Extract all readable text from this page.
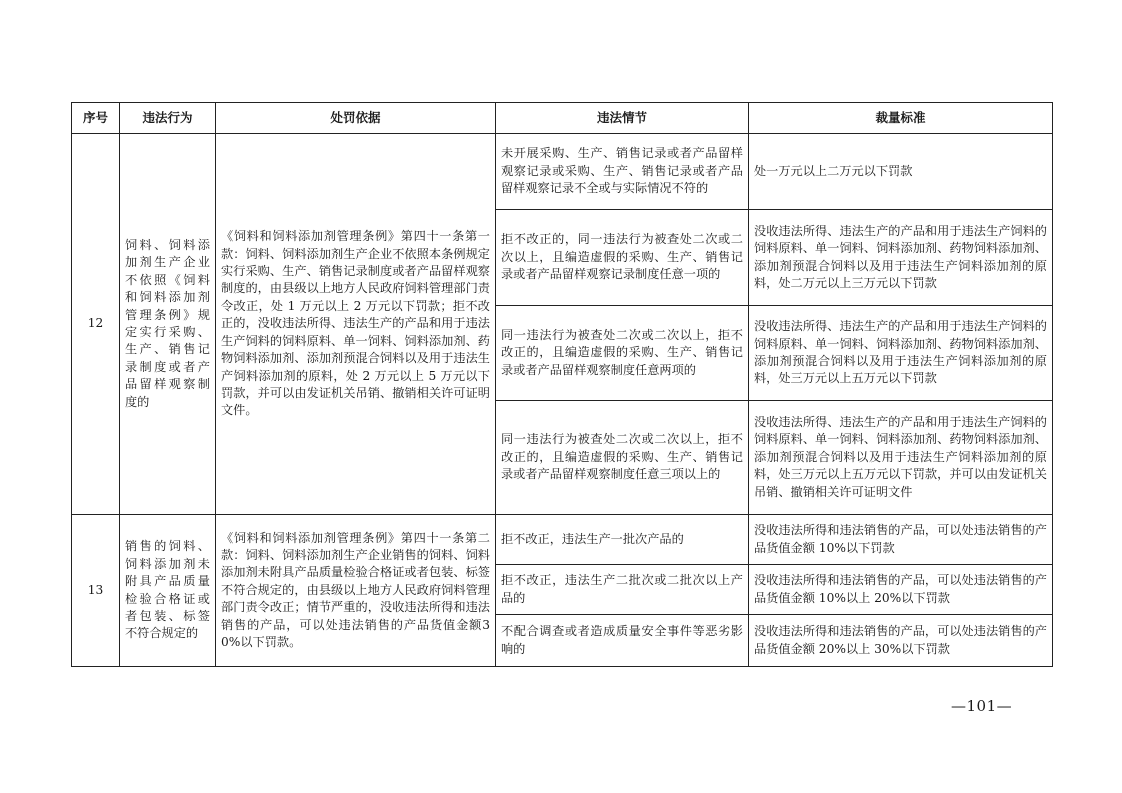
序号	违法行为	处罚依据	违法情节	裁量标准
12	饲料、饲料添加剂生产企业不依照《饲料和饲料添加剂管理条例》规定实行采购、生产、销售记录制度或者产品留样观察制度的	《饲料和饲料添加剂管理条例》第四十一条第一款：饲料、饲料添加剂生产企业不依照本条例规定实行采购、生产、销售记录制度或者产品留样观察制度的，由县级以上地方人民政府饲料管理部门责令改正，处 1 万元以上 2 万元以下罚款；拒不改正的，没收违法所得、违法生产的产品和用于违法生产饲料的饲料原料、单一饲料、饲料添加剂、药物饲料添加剂、添加剂预混合饲料以及用于违法生产饲料添加剂的原料，处 2 万元以上 5 万元以下罚款，并可以由发证机关吊销、撤销相关许可证明文件。	未开展采购、生产、销售记录或者产品留样观察记录或采购、生产、销售记录或者产品留样观察记录不全或与实际情况不符的	处一万元以上二万元以下罚款
			拒不改正的，同一违法行为被查处二次或二次以上，且编造虚假的采购、生产、销售记录或者产品留样观察记录制度任意一项的	没收违法所得、违法生产的产品和用于违法生产饲料的饲料原料、单一饲料、饲料添加剂、药物饲料添加剂、添加剂预混合饲料以及用于违法生产饲料添加剂的原料，处二万元以上三万元以下罚款
			同一违法行为被查处二次或二次以上，拒不改正的，且编造虚假的采购、生产、销售记录或者产品留样观察制度任意两项的	没收违法所得、违法生产的产品和用于违法生产饲料的饲料原料、单一饲料、饲料添加剂、药物饲料添加剂、添加剂预混合饲料以及用于违法生产饲料添加剂的原料，处三万元以上五万元以下罚款
			同一违法行为被查处二次或二次以上，拒不改正的，且编造虚假的采购、生产、销售记录或者产品留样观察制度任意三项以上的	没收违法所得、违法生产的产品和用于违法生产饲料的饲料原料、单一饲料、饲料添加剂、药物饲料添加剂、添加剂预混合饲料以及用于违法生产饲料添加剂的原料，处三万元以上五万元以下罚款，并可以由发证机关吊销、撤销相关许可证明文件
13	销售的饲料、饲料添加剂未附具产品质量检验合格证或者包装、标签不符合规定的	《饲料和饲料添加剂管理条例》第四十一条第二款：饲料、饲料添加剂生产企业销售的饲料、饲料添加剂未附具产品质量检验合格证或者包装、标签不符合规定的，由县级以上地方人民政府饲料管理部门责令改正；情节严重的，没收违法所得和违法销售的产品，可以处违法销售的产品货值金额30%以下罚款。	拒不改正，违法生产一批次产品的	没收违法所得和违法销售的产品，可以处违法销售的产品货值金额 10%以下罚款
			拒不改正，违法生产二批次或二批次以上产品的	没收违法所得和违法销售的产品，可以处违法销售的产品货值金额 10%以上 20%以下罚款
			不配合调查或者造成质量安全事件等恶劣影响的	没收违法所得和违法销售的产品，可以处违法销售的产品货值金额 20%以上 30%以下罚款
—101—
